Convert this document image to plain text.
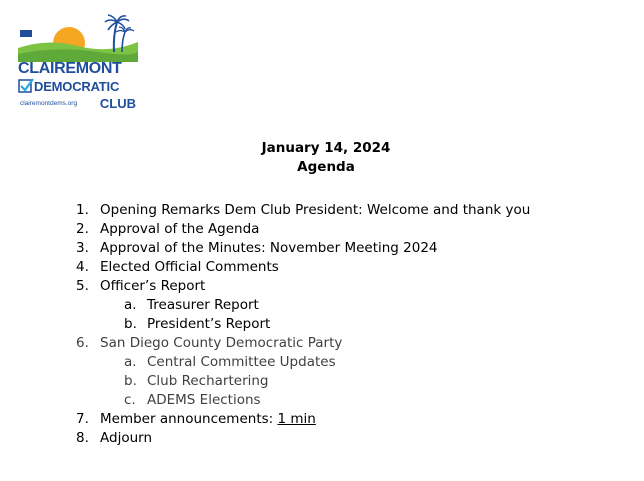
CLAIREMONT
DEMOCRATIC
clairemontdems.org CLUB
January 14, 2024
Agenda
1. Opening Remarks Dem Club President: Welcome and thank you
2. Approval of the Agenda
3. Approval of the Minutes: November Meeting 2024
4. Elected Official Comments
5. Officer’s Report
a. Treasurer Report
b. President’s Report
6. San Diego County Democratic Party
a. Central Committee Updates
b. Club Rechartering
c. ADEMS Elections
7. Member announcements: 1 min
8. Adjourn
